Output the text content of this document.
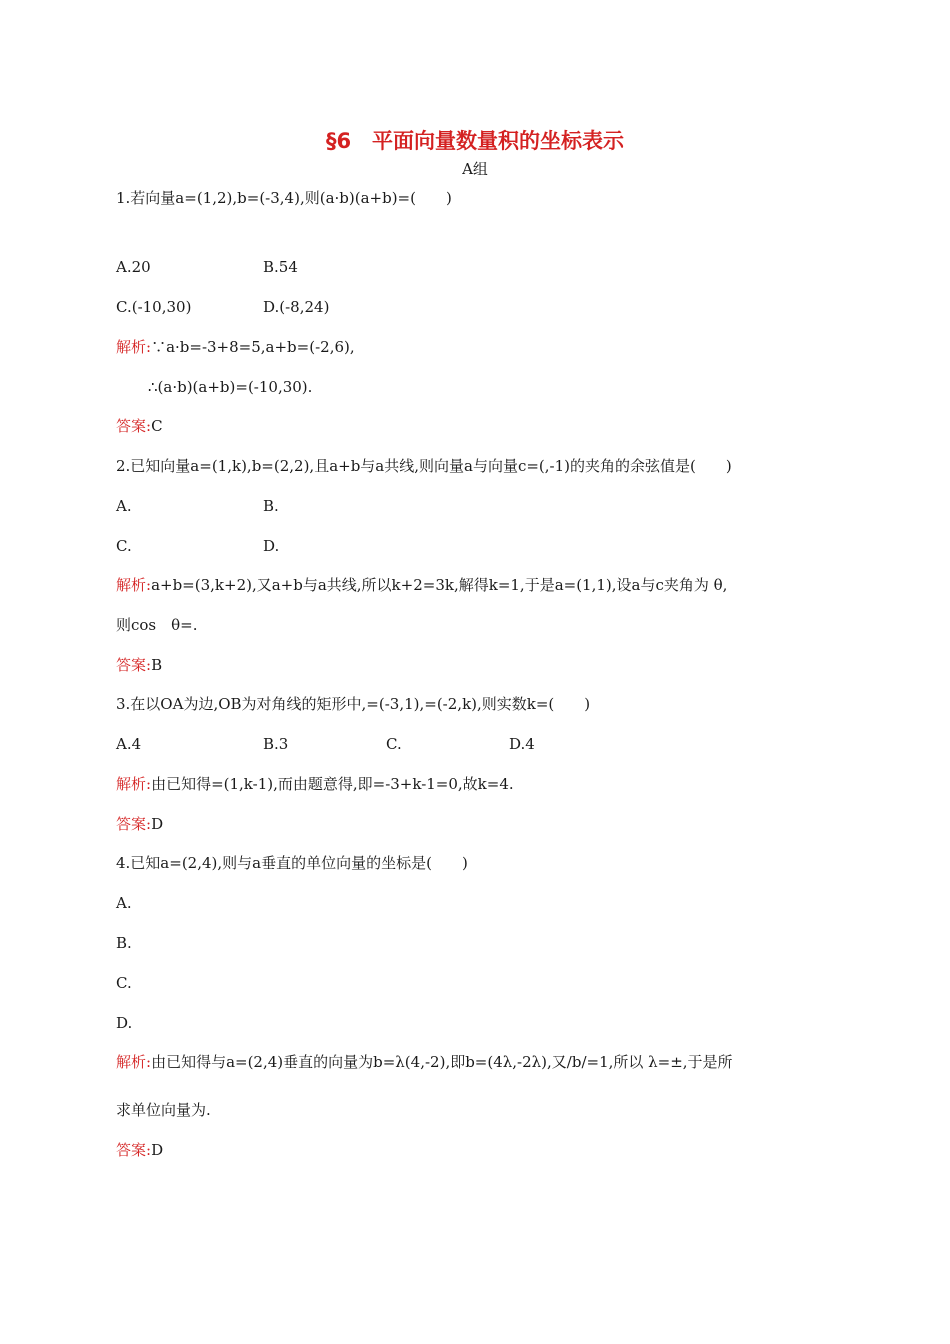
§6　平面向量数量积的坐标表示
A组
1.若向量a=(1,2),b=(-3,4),则(a·b)(a+b)=(　　)
A.20	B.54
C.(-10,30)	D.(-8,24)
解析:∵a·b=-3+8=5,a+b=(-2,6),
∴(a·b)(a+b)=(-10,30).
答案:C
2.已知向量a=(1,k),b=(2,2),且a+b与a共线,则向量a与向量c=(,-1)的夹角的余弦值是(　　)
A.	B.
C.	D.
解析:a+b=(3,k+2),又a+b与a共线,所以k+2=3k,解得k=1,于是a=(1,1),设a与c夹角为 θ,
则cos　θ=.
答案:B
3.在以OA为边,OB为对角线的矩形中,=(-3,1),=(-2,k),则实数k=(　　)
A.4	B.3	C.	D.4
解析:由已知得=(1,k-1),而由题意得,即=-3+k-1=0,故k=4.
答案:D
4.已知a=(2,4),则与a垂直的单位向量的坐标是(　　)
A.
B.
C.
D.
解析:由已知得与a=(2,4)垂直的向量为b=λ(4,-2),即b=(4λ,-2λ),又/b/=1,所以 λ=±,于是所
求单位向量为.
答案:D
